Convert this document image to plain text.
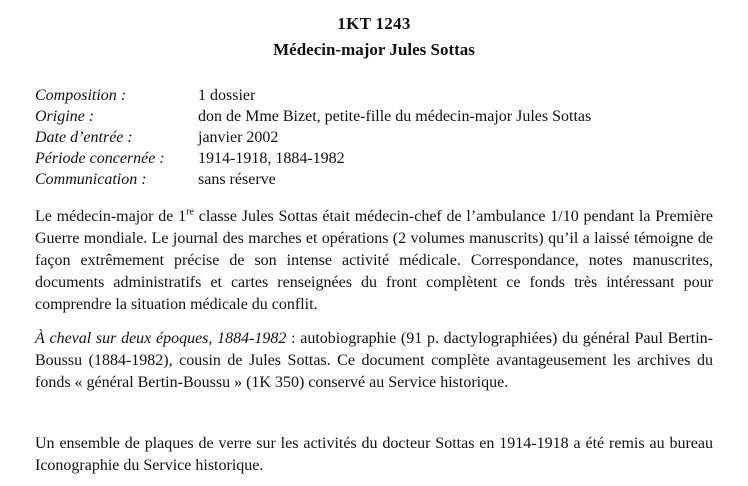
1KT 1243
Médecin-major Jules Sottas
Composition :	1 dossier
Origine :	don de Mme Bizet, petite-fille du médecin-major Jules Sottas
Date d’entrée :	janvier 2002
Période concernée :	1914-1918, 1884-1982
Communication :	sans réserve

Le médecin-major de 1re classe Jules Sottas était médecin-chef de l’ambulance 1/10 pendant la Première Guerre mondiale. Le journal des marches et opérations (2 volumes manuscrits) qu’il a laissé témoigne de façon extrêmement précise de son intense activité médicale. Correspondance, notes manuscrites, documents administratifs et cartes renseignées du front complètent ce fonds très intéressant pour comprendre la situation médicale du conflit.

À cheval sur deux époques, 1884-1982 : autobiographie (91 p. dactylographiées) du général Paul Bertin-Boussu (1884-1982), cousin de Jules Sottas. Ce document complète avantageusement les archives du fonds « général Bertin-Boussu » (1K 350) conservé au Service historique.

Un ensemble de plaques de verre sur les activités du docteur Sottas en 1914-1918 a été remis au bureau Iconographie du Service historique.
